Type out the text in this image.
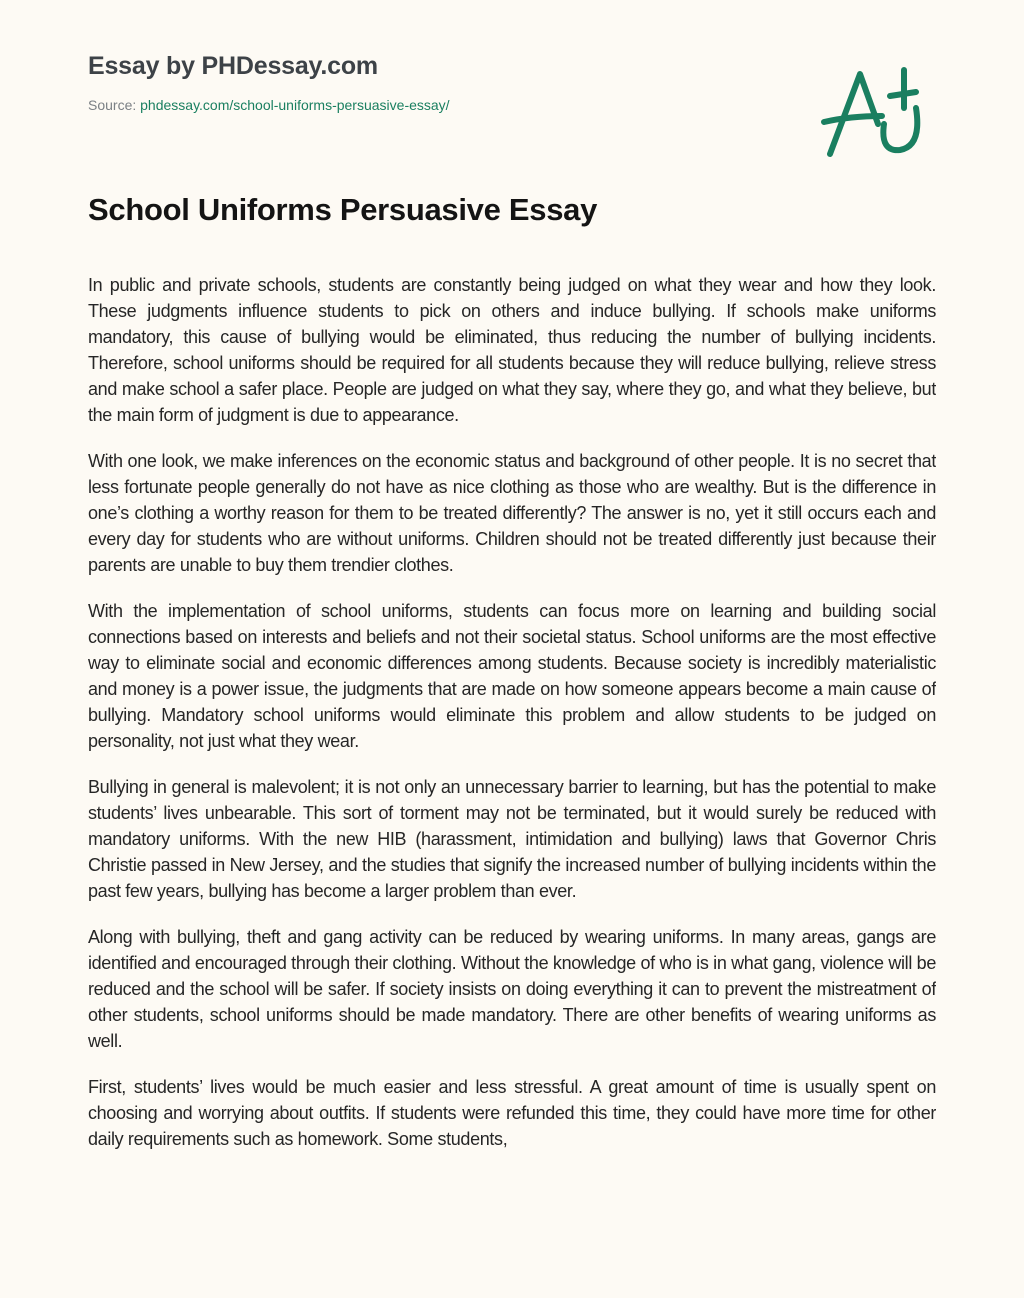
Essay by PHDessay.com
Source: phdessay.com/school-uniforms-persuasive-essay/
School Uniforms Persuasive Essay

In public and private schools, students are constantly being judged on what they wear and how they look. These judgments influence students to pick on others and induce bullying. If schools make uniforms mandatory, this cause of bullying would be eliminated, thus reducing the number of bullying incidents. Therefore, school uniforms should be required for all students because they will reduce bullying, relieve stress and make school a safer place. People are judged on what they say, where they go, and what they believe, but the main form of judgment is due to appearance.

With one look, we make inferences on the economic status and background of other people. It is no secret that less fortunate people generally do not have as nice clothing as those who are wealthy. But is the difference in one’s clothing a worthy reason for them to be treated differently? The answer is no, yet it still occurs each and every day for students who are without uniforms. Children should not be treated differently just because their parents are unable to buy them trendier clothes.

With the implementation of school uniforms, students can focus more on learning and building social connections based on interests and beliefs and not their societal status. School uniforms are the most effective way to eliminate social and economic differences among students. Because society is incredibly materialistic and money is a power issue, the judgments that are made on how someone appears become a main cause of bullying. Mandatory school uniforms would eliminate this problem and allow students to be judged on personality, not just what they wear.

Bullying in general is malevolent; it is not only an unnecessary barrier to learning, but has the potential to make students’ lives unbearable. This sort of torment may not be terminated, but it would surely be reduced with mandatory uniforms. With the new HIB (harassment, intimidation and bullying) laws that Governor Chris Christie passed in New Jersey, and the studies that signify the increased number of bullying incidents within the past few years, bullying has become a larger problem than ever.

Along with bullying, theft and gang activity can be reduced by wearing uniforms. In many areas, gangs are identified and encouraged through their clothing. Without the knowledge of who is in what gang, violence will be reduced and the school will be safer. If society insists on doing everything it can to prevent the mistreatment of other students, school uniforms should be made mandatory. There are other benefits of wearing uniforms as well.

First, students’ lives would be much easier and less stressful. A great amount of time is usually spent on choosing and worrying about outfits. If students were refunded this time, they could have more time for other daily requirements such as homework. Some students,
